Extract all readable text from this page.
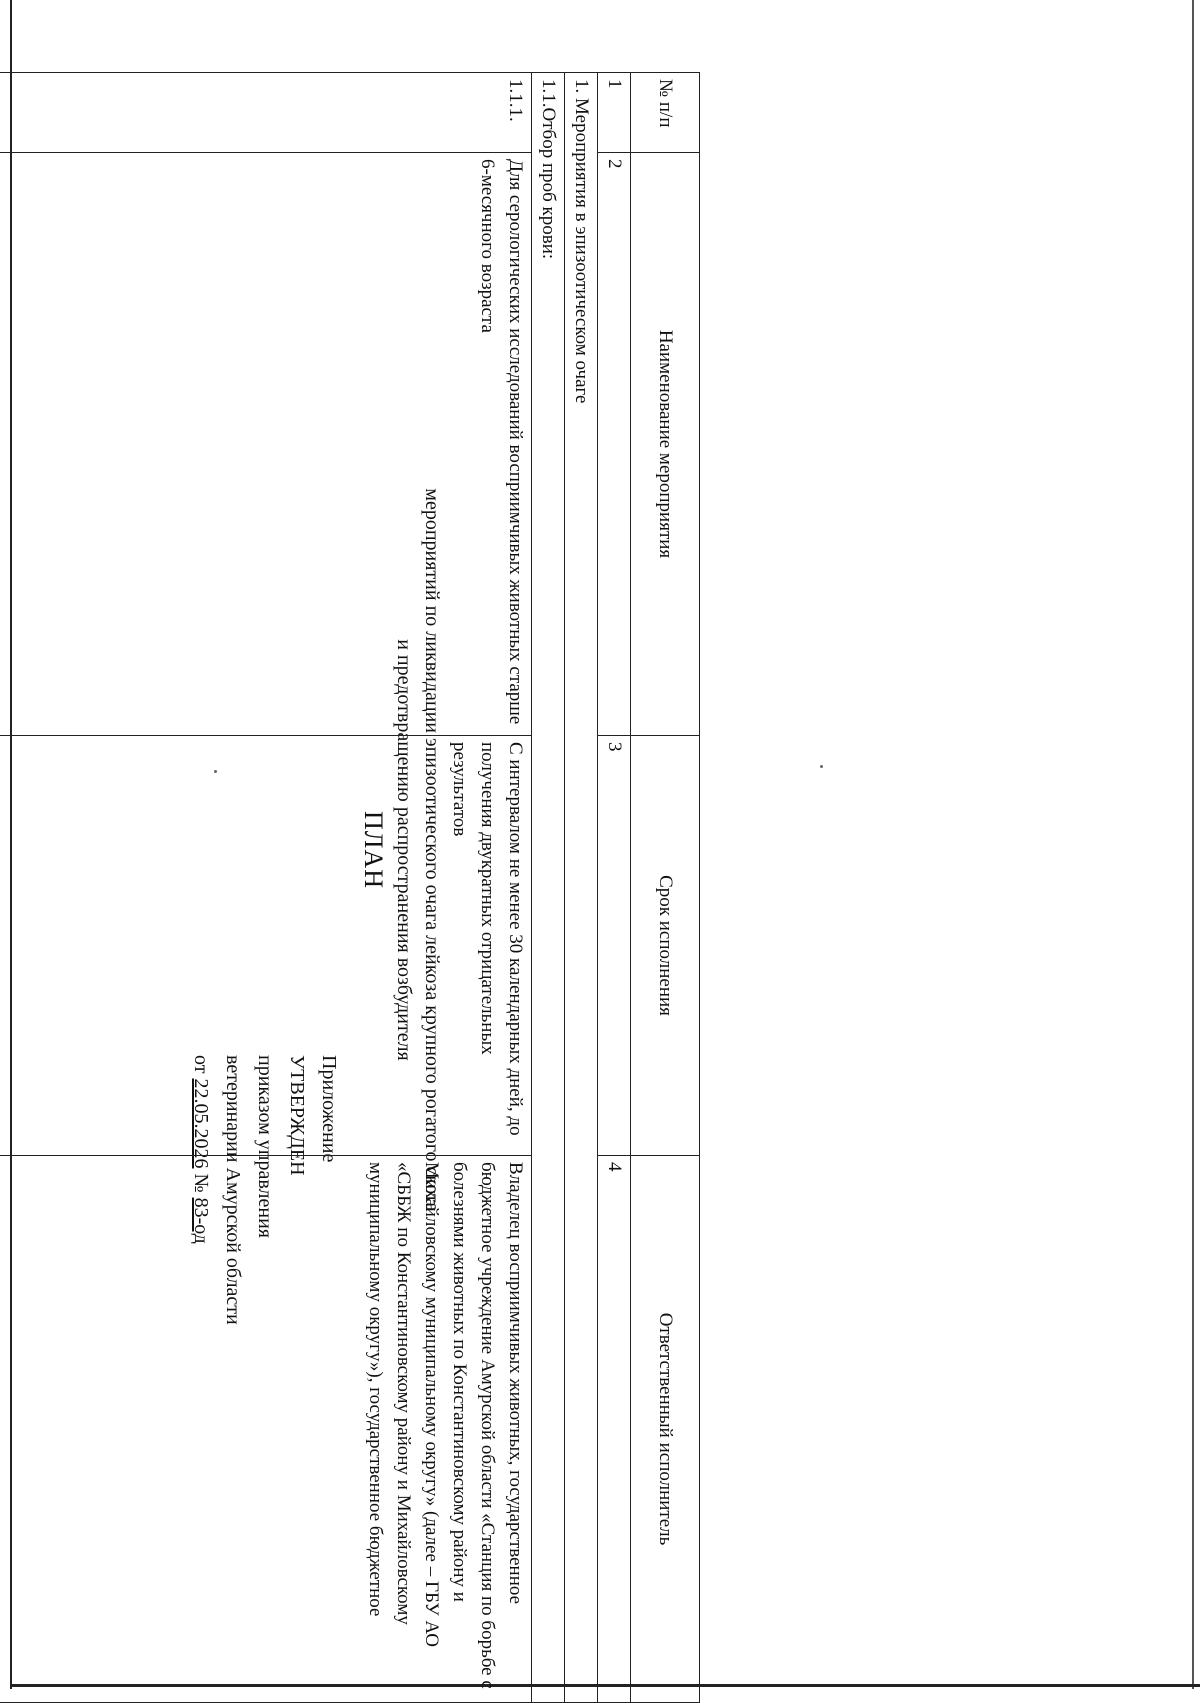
Приложение
УТВЕРЖДЕН
приказом управления
ветеринарии Амурской области
от 22.05.2026 № 83-од
ПЛАН мероприятий по ликвидации эпизоотического очага лейкоза крупного рогатого скота
и предотвращению распространения возбудителя
№ п/п	Наименование мероприятия	Срок исполнения	Ответственный исполнитель
1	2	3	4
1. Мероприятия в эпизоотическом очаге			
1.1.Отбор проб крови:			
1.1.1.	Для серологических исследований восприимчивых животных старше 6-месячного возраста	С интервалом не менее 30 календарных дней, до получения двукратных отрицательных результатов	Владелец восприимчивых животных, государственное бюджетное учреждение Амурской области «Станция по борьбе с болезнями животных по Константиновскому району и Михайловскому муниципальному округу» (далее – ГБУ АО «СББЖ по Константиновскому району и Михайловскому муниципальному округу»), государственное бюджетное
